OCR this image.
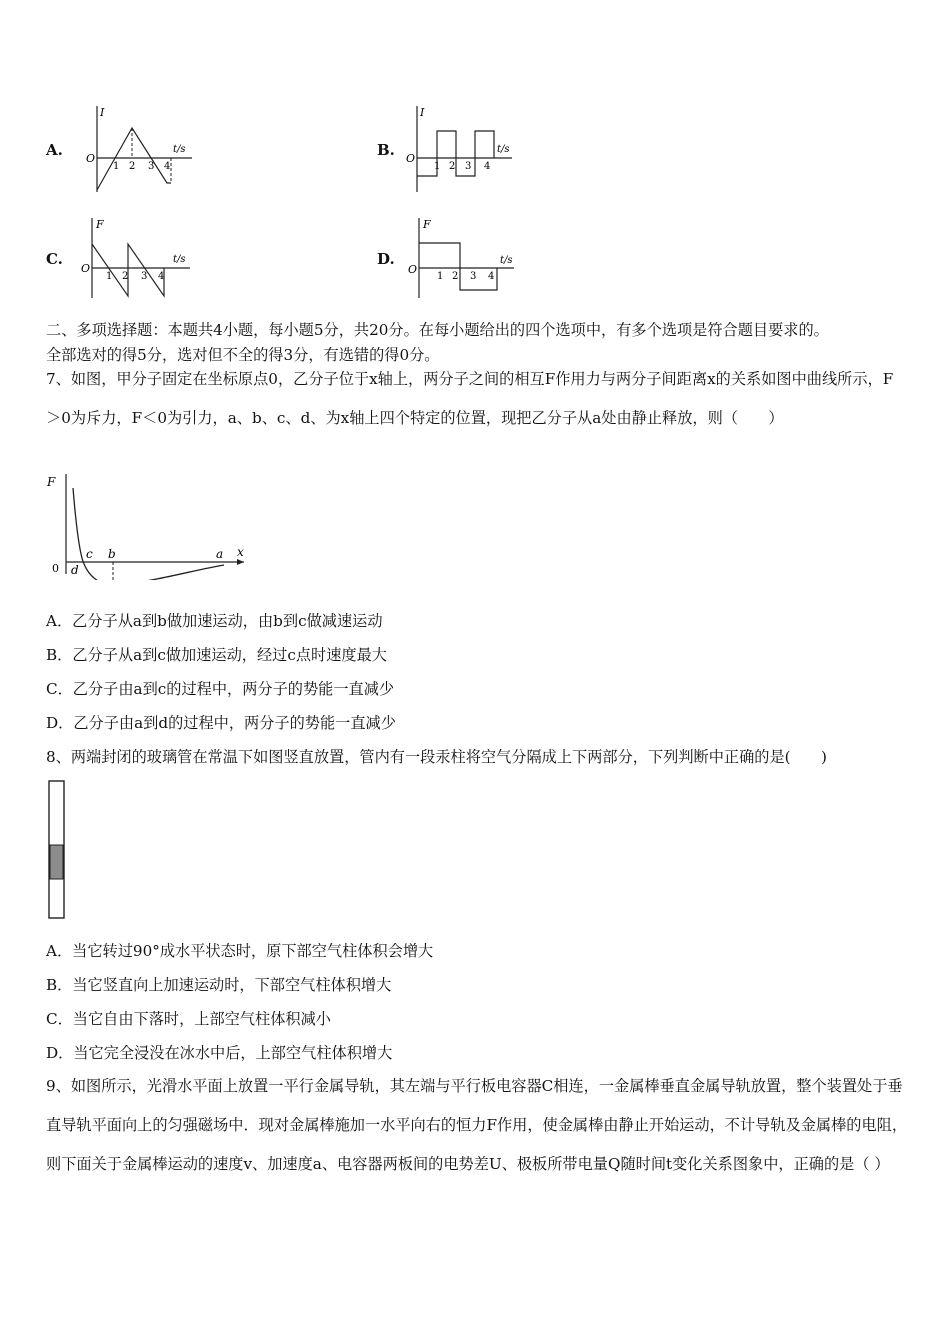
A.
I
t/s
O
1 2 3 4
B.
I
t/s
O
1 2 3 4
C.
F
t/s
O
1 2 3 4
D.
F
t/s
O
1 2 3 4
二、多项选择题：本题共4小题，每小题5分，共20分。在每小题给出的四个选项中，有多个选项是符合题目要求的。
全部选对的得5分，选对但不全的得3分，有选错的得0分。
7、如图，甲分子固定在坐标原点0，乙分子位于x轴上，两分子之间的相互F作用力与两分子间距离x的关系如图中曲线所示，F＞0为斥力，F＜0为引力，a、b、c、d、为x轴上四个特定的位置，现把乙分子从a处由静止释放，则（　　）
F
x
0
c b	a
d
A．乙分子从a到b做加速运动，由b到c做减速运动
B．乙分子从a到c做加速运动，经过c点时速度最大
C．乙分子由a到c的过程中，两分子的势能一直减少
D．乙分子由a到d的过程中，两分子的势能一直减少
8、两端封闭的玻璃管在常温下如图竖直放置，管内有一段汞柱将空气分隔成上下两部分，下列判断中正确的是(　　)
A．当它转过90°成水平状态时，原下部空气柱体积会增大
B．当它竖直向上加速运动时，下部空气柱体积增大
C．当它自由下落时，上部空气柱体积减小
D．当它完全浸没在冰水中后，上部空气柱体积增大
9、如图所示，光滑水平面上放置一平行金属导轨，其左端与平行板电容器C相连，一金属棒垂直金属导轨放置，整个装置处于垂直导轨平面向上的匀强磁场中．现对金属棒施加一水平向右的恒力F作用，使金属棒由静止开始运动，不计导轨及金属棒的电阻，则下面关于金属棒运动的速度v、加速度a、电容器两板间的电势差U、极板所带电量Q随时间t变化关系图象中，正确的是（ ）
